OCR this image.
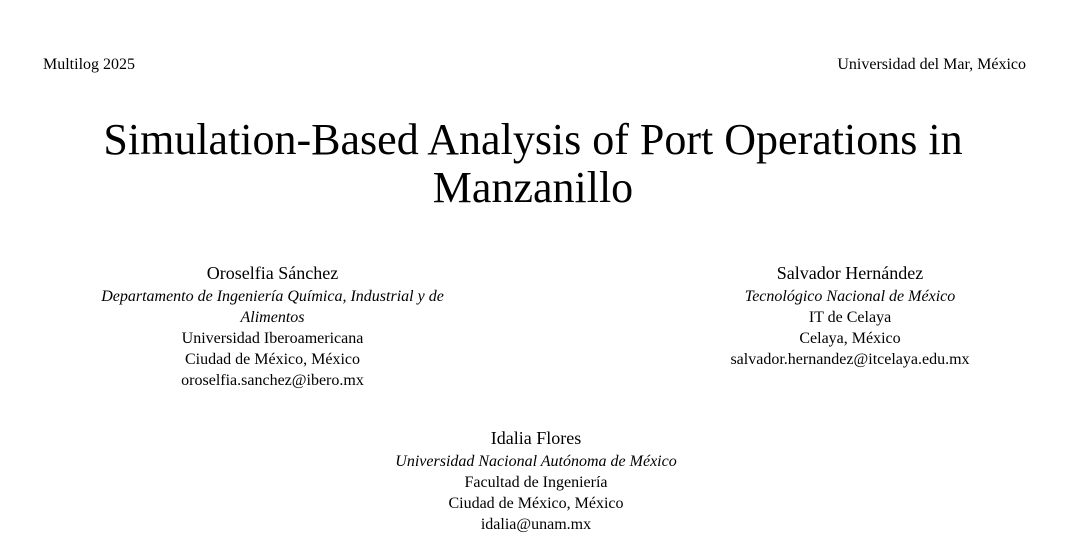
Multilog 2025	Universidad del Mar, México
Simulation-Based Analysis of Port Operations in
Manzanillo
Oroselfia Sánchez
Departamento de Ingeniería Química, Industrial y de
Alimentos
Universidad Iberoamericana
Ciudad de México, México
oroselfia.sanchez@ibero.mx
Salvador Hernández
Tecnológico Nacional de México
IT de Celaya
Celaya, México
salvador.hernandez@itcelaya.edu.mx
Idalia Flores
Universidad Nacional Autónoma de México
Facultad de Ingeniería
Ciudad de México, México
idalia@unam.mx
